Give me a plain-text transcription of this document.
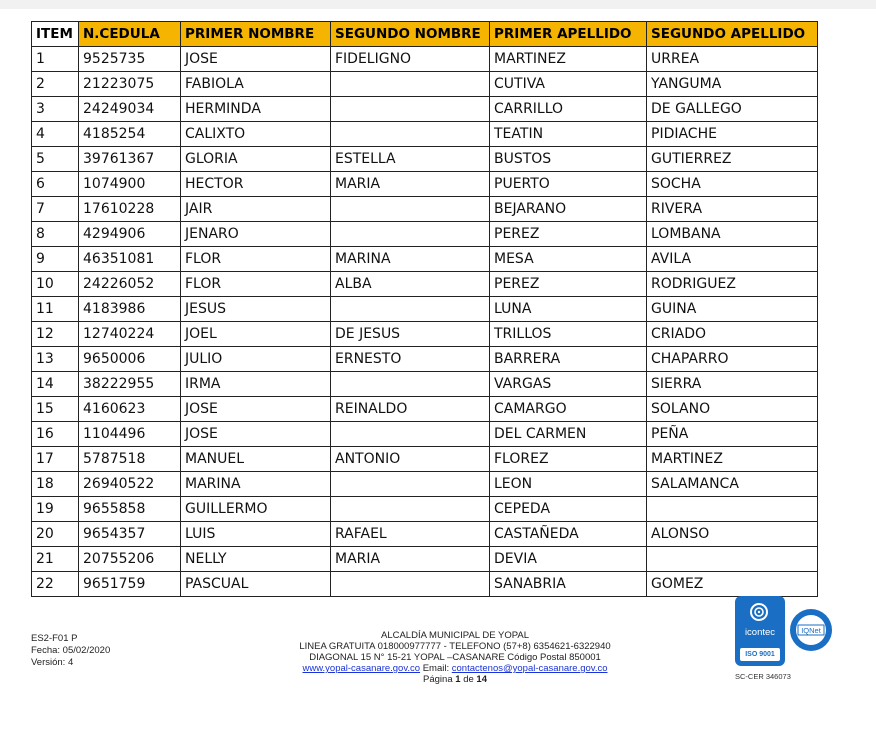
ITEM	N.CEDULA	PRIMER NOMBRE	SEGUNDO NOMBRE	PRIMER APELLIDO	SEGUNDO APELLIDO
1	9525735	JOSE	FIDELIGNO	MARTINEZ	URREA
2	21223075	FABIOLA		CUTIVA	YANGUMA
3	24249034	HERMINDA		CARRILLO	DE GALLEGO
4	4185254	CALIXTO		TEATIN	PIDIACHE
5	39761367	GLORIA	ESTELLA	BUSTOS	GUTIERREZ
6	1074900	HECTOR	MARIA	PUERTO	SOCHA
7	17610228	JAIR		BEJARANO	RIVERA
8	4294906	JENARO		PEREZ	LOMBANA
9	46351081	FLOR	MARINA	MESA	AVILA
10	24226052	FLOR	ALBA	PEREZ	RODRIGUEZ
11	4183986	JESUS		LUNA	GUINA
12	12740224	JOEL	DE JESUS	TRILLOS	CRIADO
13	9650006	JULIO	ERNESTO	BARRERA	CHAPARRO
14	38222955	IRMA		VARGAS	SIERRA
15	4160623	JOSE	REINALDO	CAMARGO	SOLANO
16	1104496	JOSE		DEL CARMEN	PEÑA
17	5787518	MANUEL	ANTONIO	FLOREZ	MARTINEZ
18	26940522	MARINA		LEON	SALAMANCA
19	9655858	GUILLERMO		CEPEDA	
20	9654357	LUIS	RAFAEL	CASTAÑEDA	ALONSO
21	20755206	NELLY	MARIA	DEVIA	
22	9651759	PASCUAL		SANABRIA	GOMEZ
ES2-F01 P
Fecha: 05/02/2020
Versión: 4
ALCALDÍA MUNICIPAL DE YOPAL
LINEA GRATUITA 018000977777 - TELEFONO (57+8) 6354621-6322940
DIAGONAL 15 N° 15-21 YOPAL –CASANARE Código Postal 850001
www.yopal-casanare.gov.co Email: contactenos@yopal-casanare.gov.co
Página 1 de 14
icontec
ISO 9001
IQNet
SC-CER 346073
